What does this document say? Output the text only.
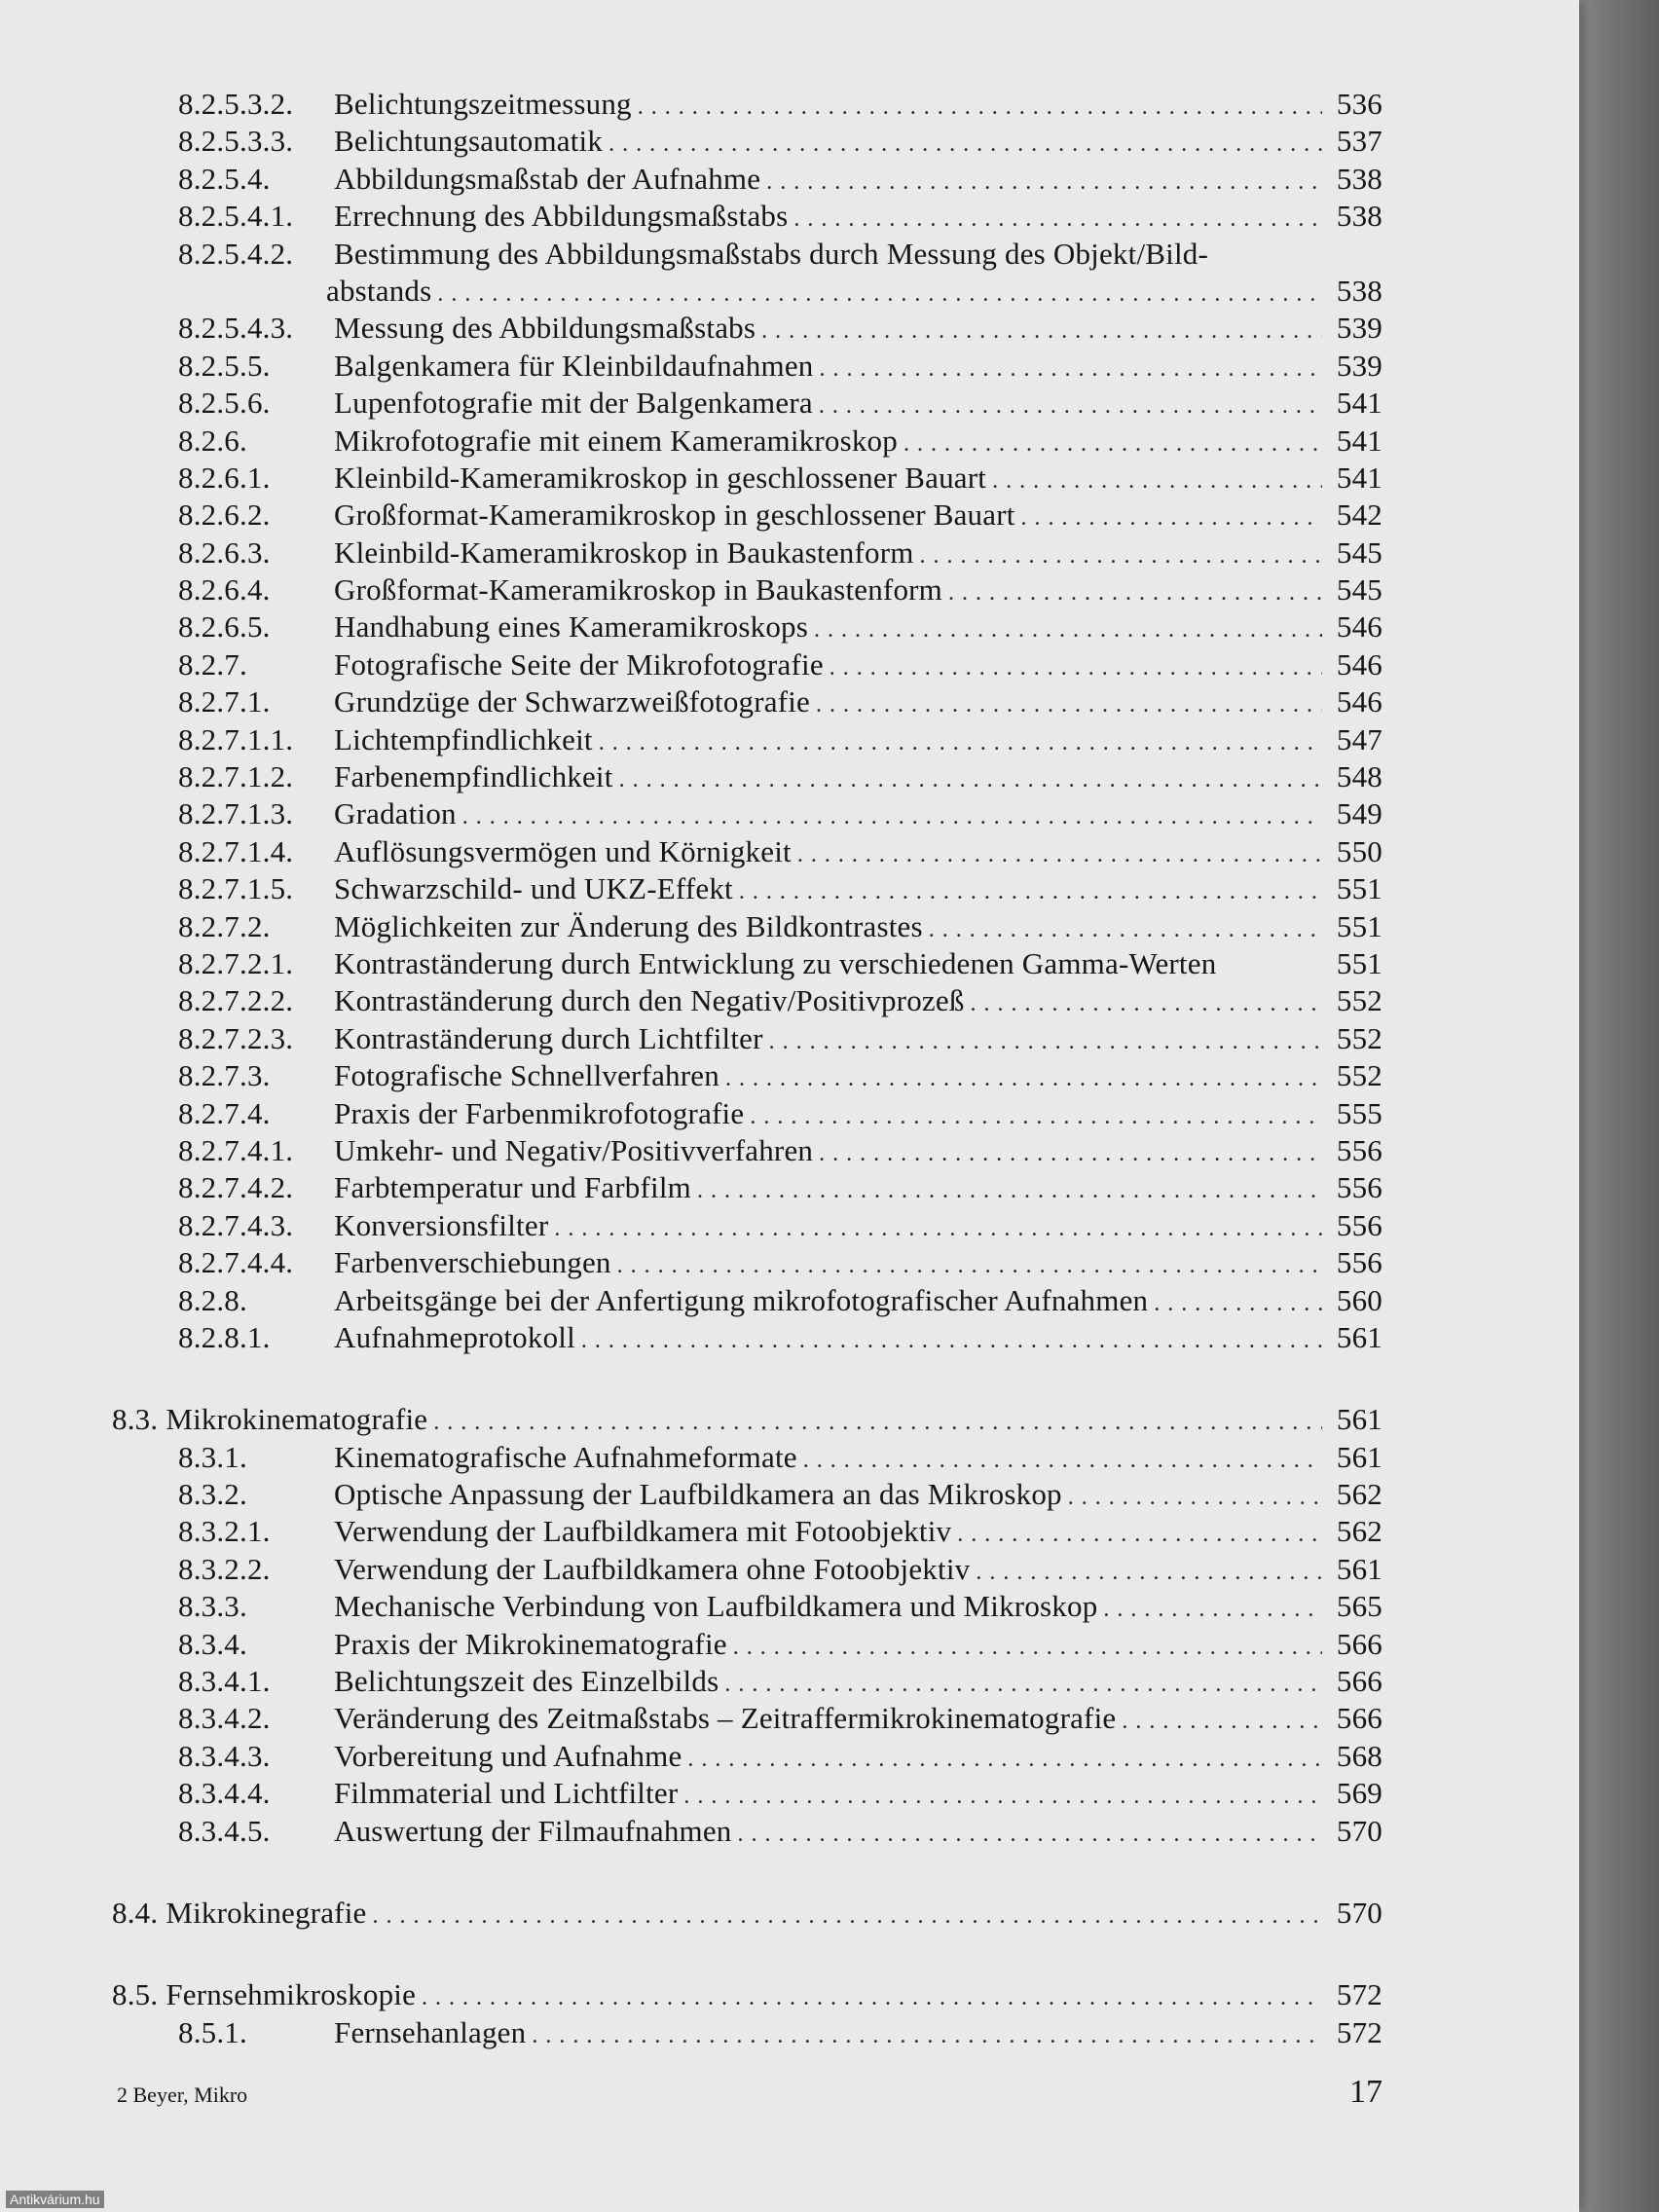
8.2.5.3.2.	Belichtungszeitmessung . . .	536
8.2.5.3.3.	Belichtungsautomatik . . .	537
8.2.5.4.	Abbildungsmaßstab der Aufnahme . . .	538
8.2.5.4.1.	Errechnung des Abbildungsmaßstabs . . .	538
8.2.5.4.2.	Bestimmung des Abbildungsmaßstabs durch Messung des Objekt/Bild-
abstands . . .	538
8.2.5.4.3.	Messung des Abbildungsmaßstabs . . .	539
8.2.5.5.	Balgenkamera für Kleinbildaufnahmen . . .	539
8.2.5.6.	Lupenfotografie mit der Balgenkamera . . .	541
8.2.6.	Mikrofotografie mit einem Kameramikroskop . . .	541
8.2.6.1.	Kleinbild-Kameramikroskop in geschlossener Bauart . . .	541
8.2.6.2.	Großformat-Kameramikroskop in geschlossener Bauart . . .	542
8.2.6.3.	Kleinbild-Kameramikroskop in Baukastenform . . .	545
8.2.6.4.	Großformat-Kameramikroskop in Baukastenform . . .	545
8.2.6.5.	Handhabung eines Kameramikroskops . . .	546
8.2.7.	Fotografische Seite der Mikrofotografie . . .	546
8.2.7.1.	Grundzüge der Schwarzweißfotografie . . .	546
8.2.7.1.1.	Lichtempfindlichkeit . . .	547
8.2.7.1.2.	Farbenempfindlichkeit . . .	548
8.2.7.1.3.	Gradation . . .	549
8.2.7.1.4.	Auflösungsvermögen und Körnigkeit . . .	550
8.2.7.1.5.	Schwarzschild- und UKZ-Effekt . . .	551
8.2.7.2.	Möglichkeiten zur Änderung des Bildkontrastes . . .	551
8.2.7.2.1.	Kontraständerung durch Entwicklung zu verschiedenen Gamma-Werten	551
8.2.7.2.2.	Kontraständerung durch den Negativ/Positivprozeß . . .	552
8.2.7.2.3.	Kontraständerung durch Lichtfilter . . .	552
8.2.7.3.	Fotografische Schnellverfahren . . .	552
8.2.7.4.	Praxis der Farbenmikrofotografie . . .	555
8.2.7.4.1.	Umkehr- und Negativ/Positivverfahren . . .	556
8.2.7.4.2.	Farbtemperatur und Farbfilm . . .	556
8.2.7.4.3.	Konversionsfilter . . .	556
8.2.7.4.4.	Farbenverschiebungen . . .	556
8.2.8.	Arbeitsgänge bei der Anfertigung mikrofotografischer Aufnahmen . . .	560
8.2.8.1.	Aufnahmeprotokoll . . .	561
8.3. Mikrokinematografie . . .	561
8.3.1.	Kinematografische Aufnahmeformate . . .	561
8.3.2.	Optische Anpassung der Laufbildkamera an das Mikroskop . . .	562
8.3.2.1.	Verwendung der Laufbildkamera mit Fotoobjektiv . . .	562
8.3.2.2.	Verwendung der Laufbildkamera ohne Fotoobjektiv . . .	561
8.3.3.	Mechanische Verbindung von Laufbildkamera und Mikroskop . . .	565
8.3.4.	Praxis der Mikrokinematografie . . .	566
8.3.4.1.	Belichtungszeit des Einzelbilds . . .	566
8.3.4.2.	Veränderung des Zeitmaßstabs – Zeitraffermikrokinematografie . . .	566
8.3.4.3.	Vorbereitung und Aufnahme . . .	568
8.3.4.4.	Filmmaterial und Lichtfilter . . .	569
8.3.4.5.	Auswertung der Filmaufnahmen . . .	570
8.4. Mikrokinegrafie . . .	570
8.5. Fernsehmikroskopie . . .	572
8.5.1.	Fernsehanlagen . . .	572
2 Beyer, Mikro	17
Antikvárium.hu
